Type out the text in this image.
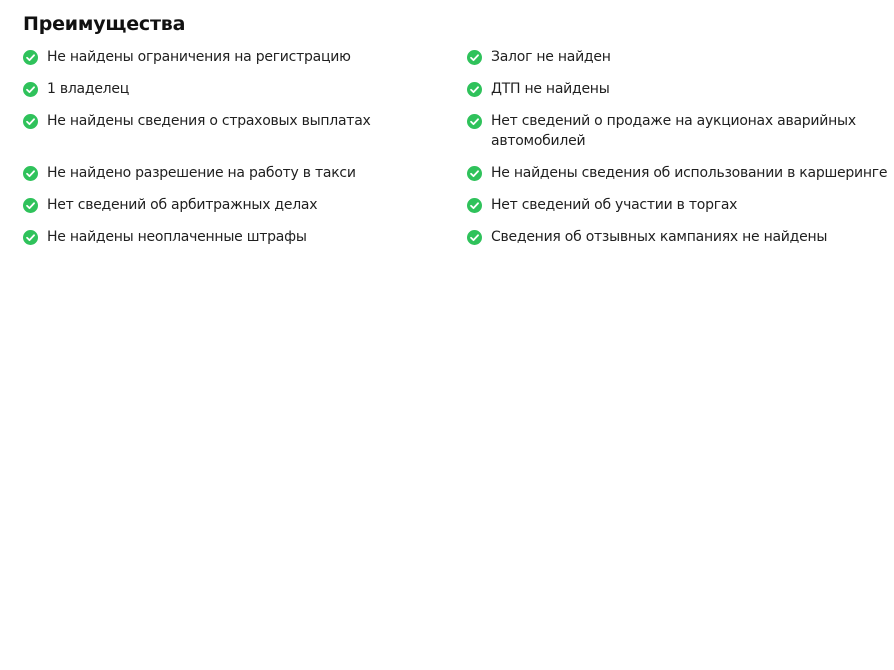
Преимущества
Не найдены ограничения на регистрацию	Залог не найден
1 владелец	ДТП не найдены
Не найдены сведения о страховых выплатах	Нет сведений о продаже на аукционах аварийных автомобилей
Не найдено разрешение на работу в такси	Не найдены сведения об использовании в каршеринге
Нет сведений об арбитражных делах	Нет сведений об участии в торгах
Не найдены неоплаченные штрафы	Сведения об отзывных кампаниях не найдены
